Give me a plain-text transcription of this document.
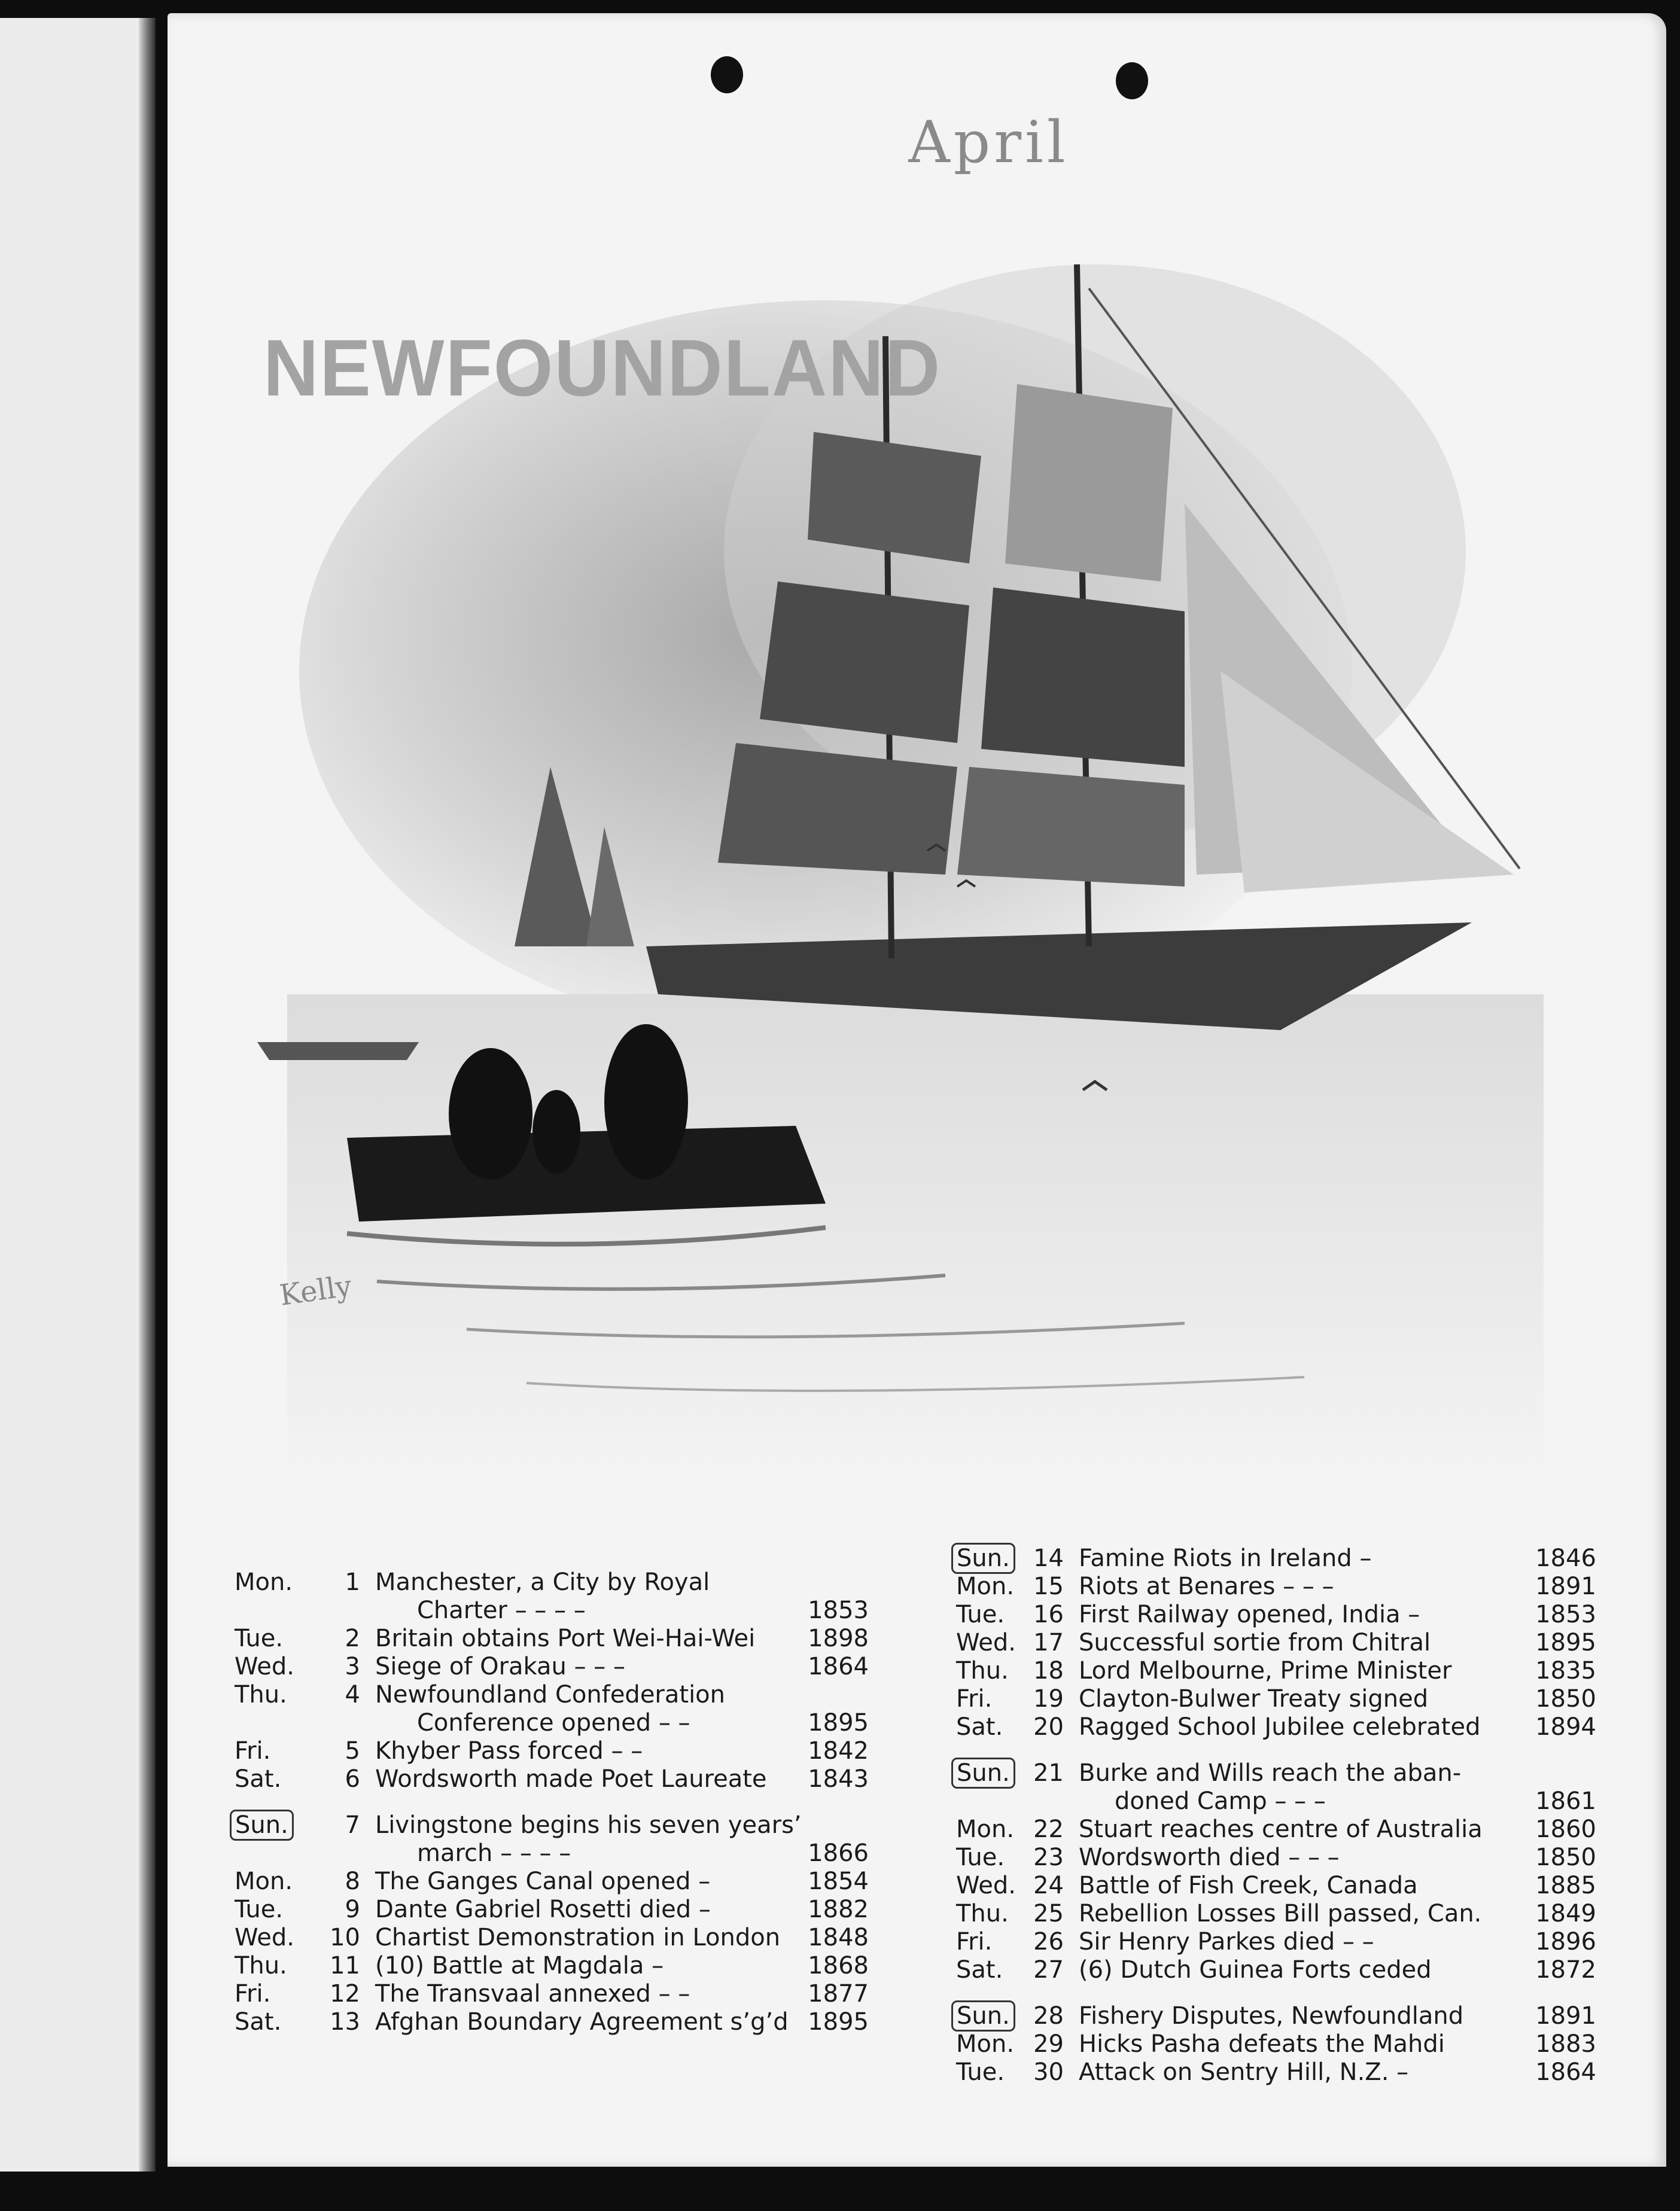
April
Kelly
NEWFOUNDLAND
Mon.	1 Manchester, a City by Royal
Charter – – – –	1853
Tue.	2 Britain obtains Port Wei-Hai-Wei 1898
Wed.	3 Siege of Orakau – – –	1864
Thu.	4 Newfoundland Confederation
Conference opened – –	1895
Fri.	5 Khyber Pass forced – –	1842
Sat.	6 Wordsworth made Poet Laureate 1843
Sun.	7 Livingstone begins his seven years’
march – – – –	1866
Mon.	8 The Ganges Canal opened –	1854
Tue.	9 Dante Gabriel Rosetti died –	1882
Wed.	10 Chartist Demonstration in London 1848
Thu.	11 (10) Battle at Magdala –	1868
Fri.	12 The Transvaal annexed – –	1877
Sat.	13 Afghan Boundary Agreement s’g’d 1895
Sun. 14 Famine Riots in Ireland –	1846
Mon. 15 Riots at Benares – – –	1891
Tue.	16 First Railway opened, India –	1853
Wed. 17 Successful sortie from Chitral	1895
Thu.	18 Lord Melbourne, Prime Minister	1835
Fri.	19 Clayton-Bulwer Treaty signed	1850
Sat.	20 Ragged School Jubilee celebrated 1894
Sun. 21 Burke and Wills reach the aban-
doned Camp – – –	1861
Mon. 22 Stuart reaches centre of Australia 1860
Tue.	23 Wordsworth died – – –	1850
Wed. 24 Battle of Fish Creek, Canada	1885
Thu.	25 Rebellion Losses Bill passed, Can. 1849
Fri.	26 Sir Henry Parkes died – –	1896
Sat.	27 (6) Dutch Guinea Forts ceded	1872
Sun. 28 Fishery Disputes, Newfoundland	1891
Mon. 29 Hicks Pasha defeats the Mahdi	1883
Tue.	30 Attack on Sentry Hill, N.Z. –	1864
